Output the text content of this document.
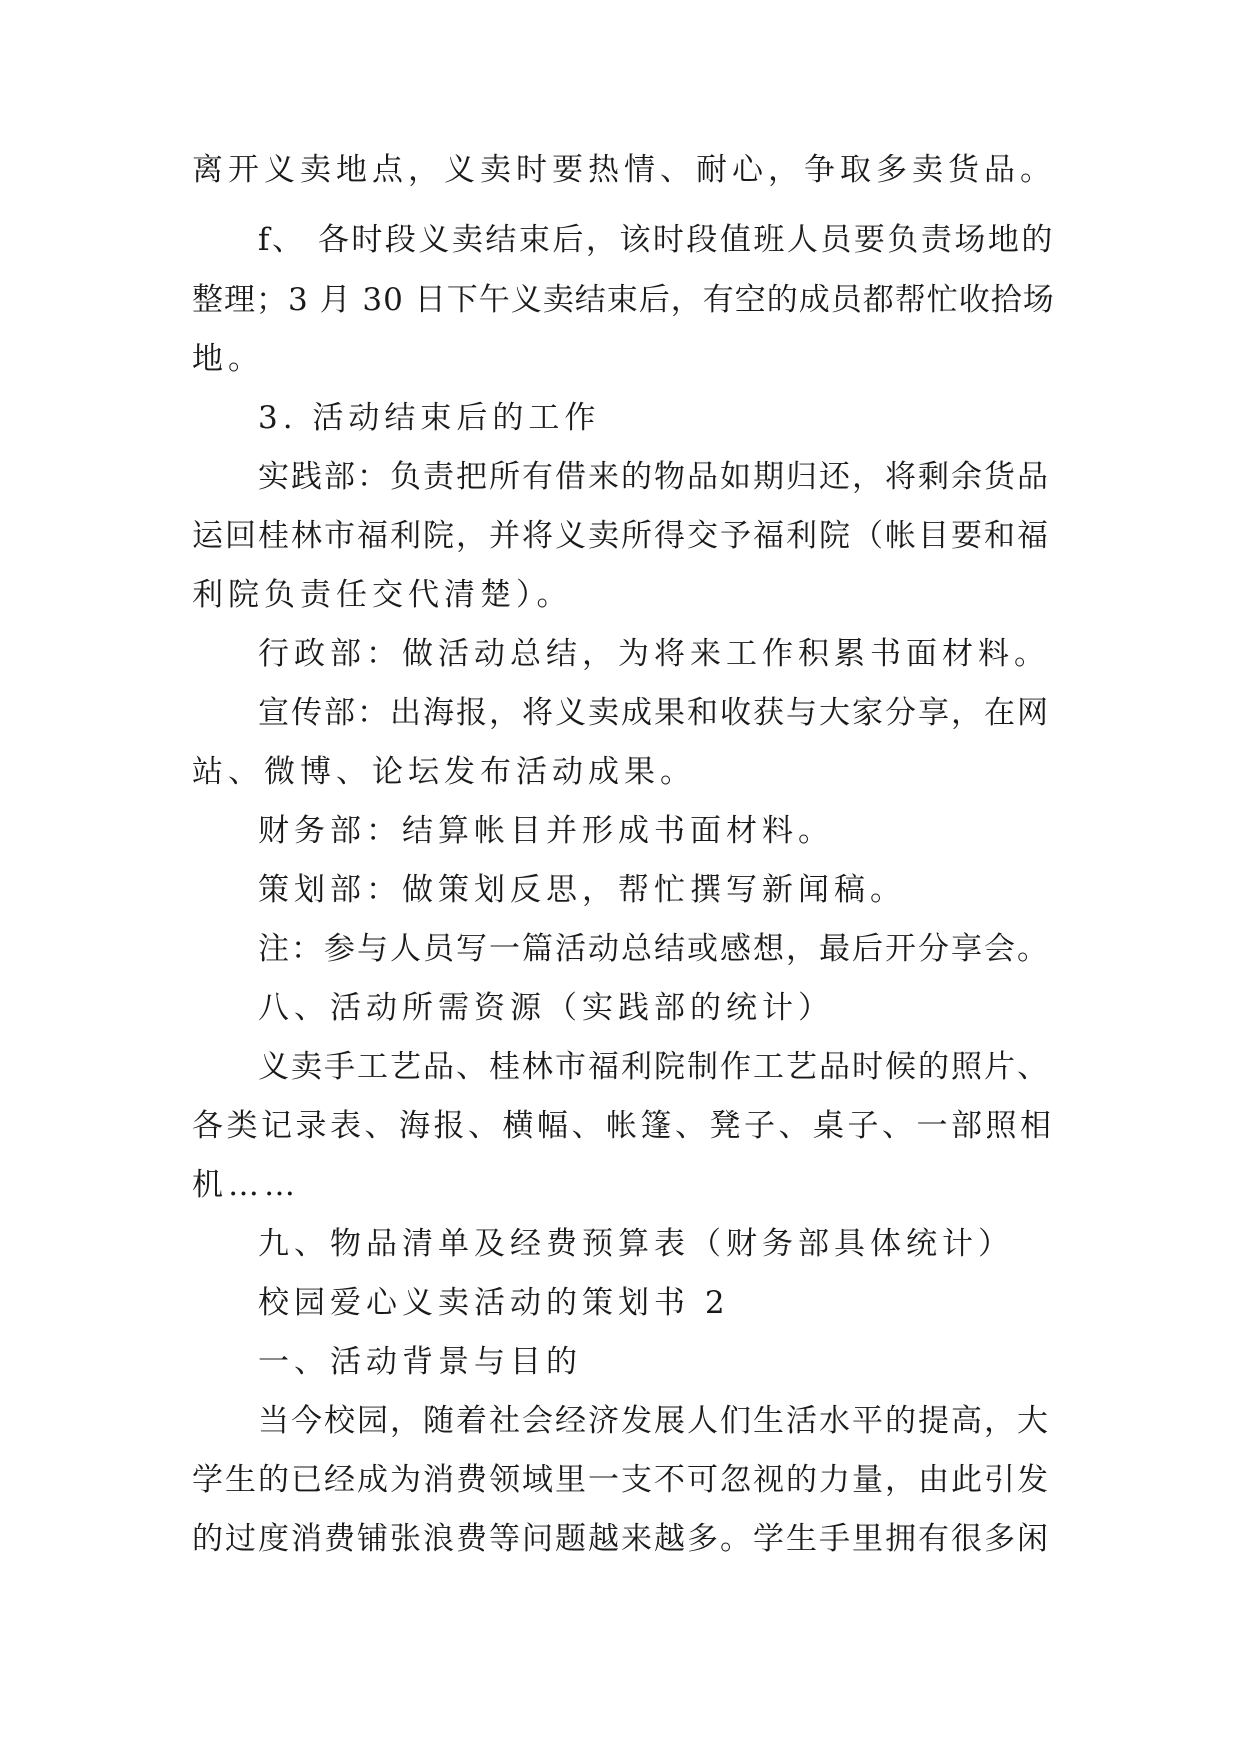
离开义卖地点，义卖时要热情、耐心，争取多卖货品。
f、 各时段义卖结束后，该时段值班人员要负责场地的
整理；3 月 30 日下午义卖结束后，有空的成员都帮忙收拾场
地。
3. 活动结束后的工作
实践部：负责把所有借来的物品如期归还，将剩余货品
运回桂林市福利院，并将义卖所得交予福利院（帐目要和福
利院负责任交代清楚）。
行政部：做活动总结，为将来工作积累书面材料。
宣传部：出海报，将义卖成果和收获与大家分享，在网
站、微博、论坛发布活动成果。
财务部：结算帐目并形成书面材料。
策划部：做策划反思，帮忙撰写新闻稿。
注：参与人员写一篇活动总结或感想，最后开分享会。
八、活动所需资源（实践部的统计）
义卖手工艺品、桂林市福利院制作工艺品时候的照片、
各类记录表、海报、横幅、帐篷、凳子、桌子、一部照相
机……
九、物品清单及经费预算表（财务部具体统计）
校园爱心义卖活动的策划书 2
一、活动背景与目的
当今校园，随着社会经济发展人们生活水平的提高，大
学生的已经成为消费领域里一支不可忽视的力量，由此引发
的过度消费铺张浪费等问题越来越多。学生手里拥有很多闲
